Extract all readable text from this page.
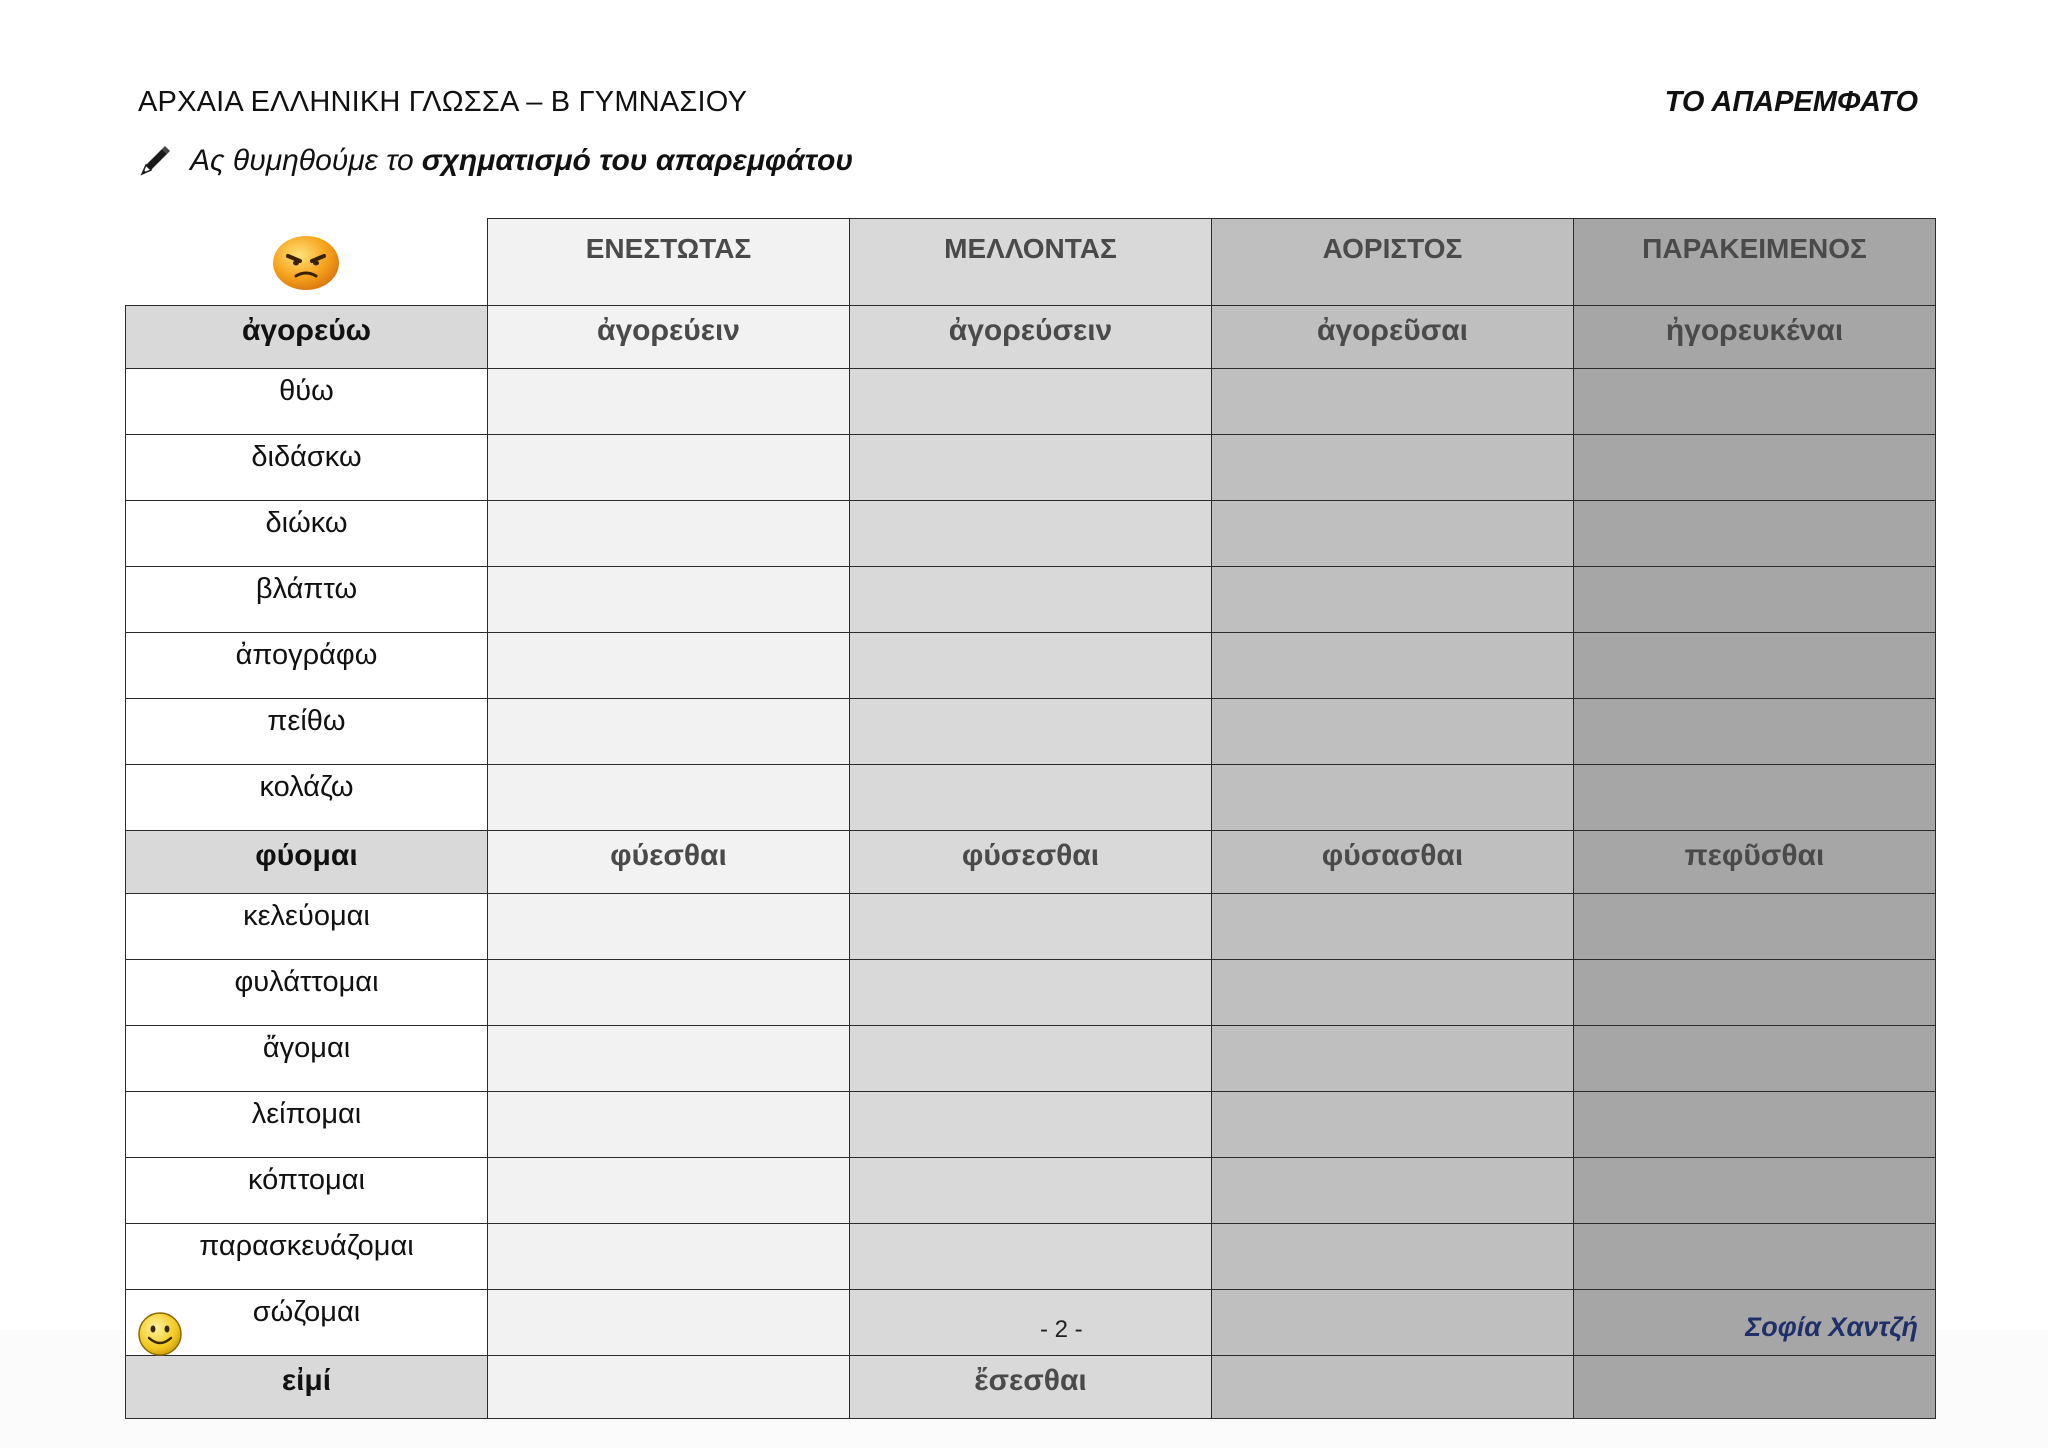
ΑΡΧΑΙΑ ΕΛΛΗΝΙΚΗ ΓΛΩΣΣΑ – Β ΓΥΜΝΑΣΙΟΥ	ΤΟ ΑΠΑΡΕΜΦΑΤΟ
Ας θυμηθούμε το σχηματισμό του απαρεμφάτου
	ΕΝΕΣΤΩΤΑΣ	ΜΕΛΛΟΝΤΑΣ	ΑΟΡΙΣΤΟΣ	ΠΑΡΑΚΕΙΜΕΝΟΣ
ἀγορεύω	ἀγορεύειν	ἀγορεύσειν	ἀγορεῦσαι	ἠγορευκέναι
θύω				
διδάσκω				
διώκω				
βλάπτω				
ἀπογράφω				
πείθω				
κολάζω				
φύομαι	φύεσθαι	φύσεσθαι	φύσασθαι	πεφῦσθαι
κελεύομαι				
φυλάττομαι				
ἄγομαι				
λείπομαι				
κόπτομαι				
παρασκευάζομαι				
σώζομαι				
εἰμί		ἔσεσθαι		
- 2 -	Σοφία Χαντζή
